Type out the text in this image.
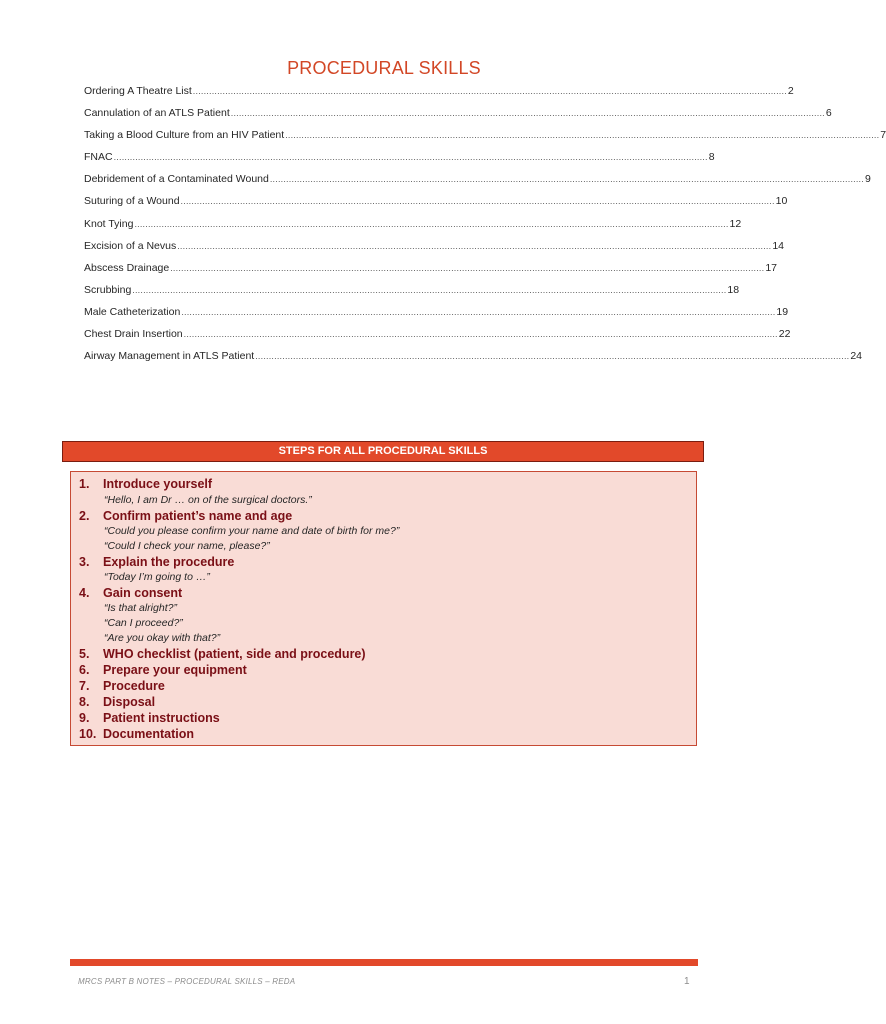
PROCEDURAL SKILLS
Ordering A Theatre List ............................................................................................................................................................................................................................ 2
Cannulation of an ATLS Patient ............................................................................................................................................................................................................................ 6
Taking a Blood Culture from an HIV Patient ............................................................................................................................................................................................................................ 7
FNAC ............................................................................................................................................................................................................................ 8
Debridement of a Contaminated Wound ............................................................................................................................................................................................................................ 9
Suturing of a Wound ............................................................................................................................................................................................................................ 10
Knot Tying ............................................................................................................................................................................................................................ 12
Excision of a Nevus ............................................................................................................................................................................................................................ 14
Abscess Drainage ............................................................................................................................................................................................................................ 17
Scrubbing ............................................................................................................................................................................................................................ 18
Male Catheterization ............................................................................................................................................................................................................................ 19
Chest Drain Insertion ............................................................................................................................................................................................................................ 22
Airway Management in ATLS Patient ............................................................................................................................................................................................................................ 24
STEPS FOR ALL PROCEDURAL SKILLS
1. Introduce yourself
“Hello, I am Dr … on of the surgical doctors.”
2. Confirm patient’s name and age
“Could you please confirm your name and date of birth for me?”
“Could I check your name, please?”
3. Explain the procedure
“Today I’m going to …”
4. Gain consent
“Is that alright?”
“Can I proceed?”
“Are you okay with that?”
5. WHO checklist (patient, side and procedure)
6. Prepare your equipment
7. Procedure
8. Disposal
9. Patient instructions
10. Documentation
MRCS PART B NOTES – PROCEDURAL SKILLS – REDA	1
